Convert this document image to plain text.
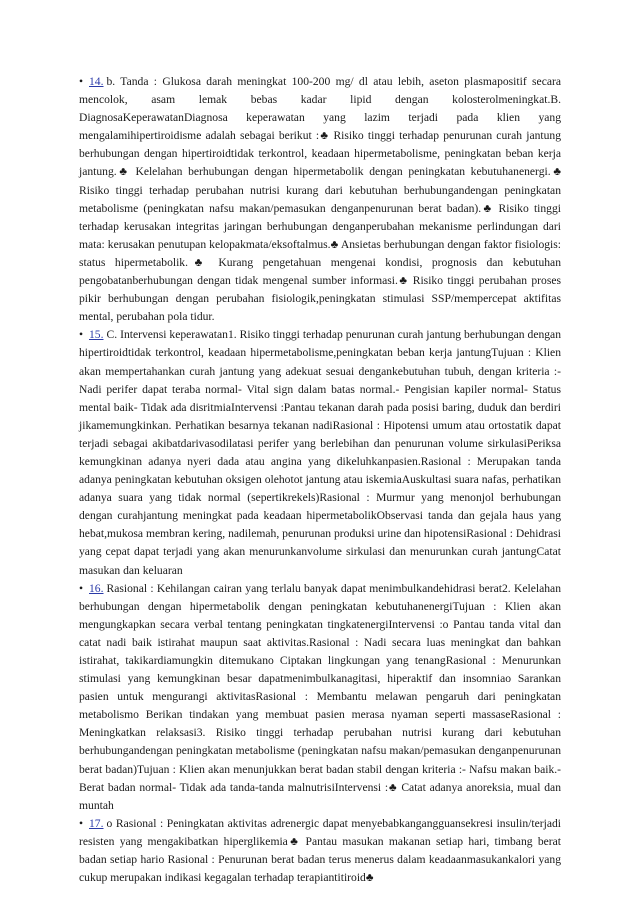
• 14. b. Tanda : Glukosa darah meningkat 100-200 mg/ dl atau lebih, aseton plasmapositif secara mencolok, asam lemak bebas kadar lipid dengan kolosterolmeningkat.B. DiagnosaKeperawatanDiagnosa keperawatan yang lazim terjadi pada klien yang mengalamihipertiroidisme adalah sebagai berikut :♣ Risiko tinggi terhadap penurunan curah jantung berhubungan dengan hipertiroidtidak terkontrol, keadaan hipermetabolisme, peningkatan beban kerja jantung.♣ Kelelahan berhubungan dengan hipermetabolik dengan peningkatan kebutuhanenergi.♣ Risiko tinggi terhadap perubahan nutrisi kurang dari kebutuhan berhubungandengan peningkatan metabolisme (peningkatan nafsu makan/pemasukan denganpenurunan berat badan).♣ Risiko tinggi terhadap kerusakan integritas jaringan berhubungan denganperubahan mekanisme perlindungan dari mata: kerusakan penutupan kelopakmata/eksoftalmus.♣ Ansietas berhubungan dengan faktor fisiologis: status hipermetabolik.♣ Kurang pengetahuan mengenai kondisi, prognosis dan kebutuhan pengobatanberhubungan dengan tidak mengenal sumber informasi.♣ Risiko tinggi perubahan proses pikir berhubungan dengan perubahan fisiologik,peningkatan stimulasi SSP/mempercepat aktifitas mental, perubahan pola tidur.

• 15. C. Intervensi keperawatan1. Risiko tinggi terhadap penurunan curah jantung berhubungan dengan hipertiroidtidak terkontrol, keadaan hipermetabolisme,peningkatan beban kerja jantungTujuan : Klien akan mempertahankan curah jantung yang adekuat sesuai dengankebutuhan tubuh, dengan kriteria :- Nadi perifer dapat teraba normal- Vital sign dalam batas normal.- Pengisian kapiler normal- Status mental baik- Tidak ada disritmiaIntervensi :Pantau tekanan darah pada posisi baring, duduk dan berdiri jikamemungkinkan. Perhatikan besarnya tekanan nadiRasional : Hipotensi umum atau ortostatik dapat terjadi sebagai akibatdarivasodilatasi perifer yang berlebihan dan penurunan volume sirkulasiPeriksa kemungkinan adanya nyeri dada atau angina yang dikeluhkanpasien.Rasional : Merupakan tanda adanya peningkatan kebutuhan oksigen olehotot jantung atau iskemiaAuskultasi suara nafas, perhatikan adanya suara yang tidak normal (sepertikrekels)Rasional : Murmur yang menonjol berhubungan dengan curahjantung meningkat pada keadaan hipermetabolikObservasi tanda dan gejala haus yang hebat,mukosa membran kering, nadilemah, penurunan produksi urine dan hipotensiRasional : Dehidrasi yang cepat dapat terjadi yang akan menurunkanvolume sirkulasi dan menurunkan curah jantungCatat masukan dan keluaran

• 16. Rasional : Kehilangan cairan yang terlalu banyak dapat menimbulkandehidrasi berat2. Kelelahan berhubungan dengan hipermetabolik dengan peningkatan kebutuhanenergiTujuan : Klien akan mengungkapkan secara verbal tentang peningkatan tingkatenergiIntervensi :o Pantau tanda vital dan catat nadi baik istirahat maupun saat aktivitas.Rasional : Nadi secara luas meningkat dan bahkan istirahat, takikardiamungkin ditemukano Ciptakan lingkungan yang tenangRasional : Menurunkan stimulasi yang kemungkinan besar dapatmenimbulkanagitasi, hiperaktif dan insomniao Sarankan pasien untuk mengurangi aktivitasRasional : Membantu melawan pengaruh dari peningkatan metabolismo Berikan tindakan yang membuat pasien merasa nyaman seperti massaseRasional : Meningkatkan relaksasi3. Risiko tinggi terhadap perubahan nutrisi kurang dari kebutuhan berhubungandengan peningkatan metabolisme (peningkatan nafsu makan/pemasukan denganpenurunan berat badan)Tujuan : Klien akan menunjukkan berat badan stabil dengan kriteria :- Nafsu makan baik.- Berat badan normal- Tidak ada tanda-tanda malnutrisiIntervensi :♣ Catat adanya anoreksia, mual dan muntah

• 17. o Rasional : Peningkatan aktivitas adrenergic dapat menyebabkangangguansekresi insulin/terjadi resisten yang mengakibatkan hiperglikemia♣ Pantau masukan makanan setiap hari, timbang berat badan setiap hario Rasional : Penurunan berat badan terus menerus dalam keadaanmasukankalori yang cukup merupakan indikasi kegagalan terhadap terapiantitiroid♣
